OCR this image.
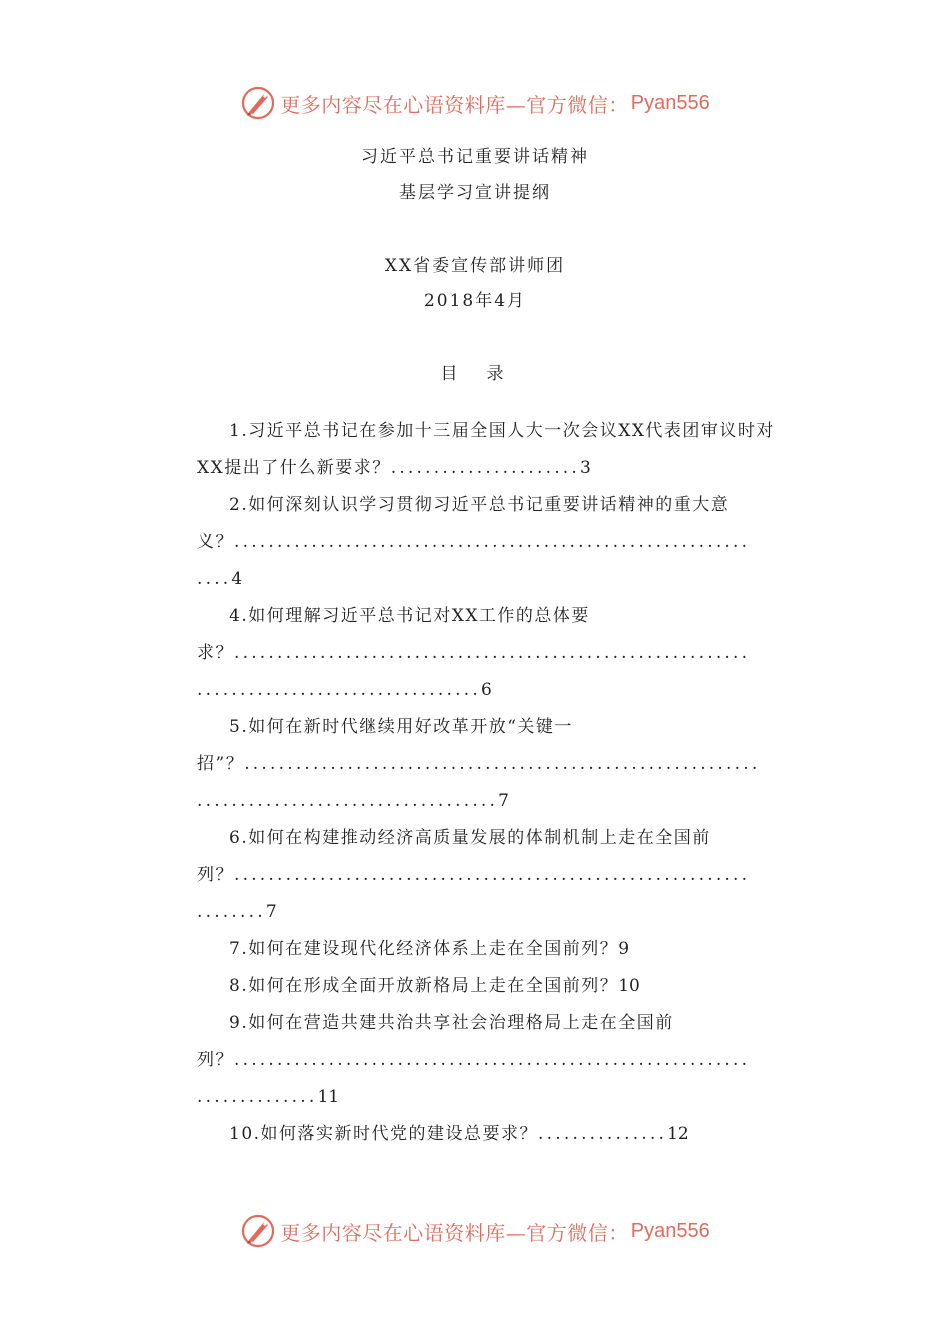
更多内容尽在心语资料库—官方微信： Pyan556
习近平总书记重要讲话精神
基层学习宣讲提纲
XX省委宣传部讲师团
2018年4月
目　录
1.习近平总书记在参加十三届全国人大一次会议XX代表团审议时对
XX提出了什么新要求？......................3
2.如何深刻认识学习贯彻习近平总书记重要讲话精神的重大意
义？............................................................
....4
4.如何理解习近平总书记对XX工作的总体要
求？............................................................
.................................6
5.如何在新时代继续用好改革开放“关键一
招”？............................................................
...................................7
6.如何在构建推动经济高质量发展的体制机制上走在全国前
列？............................................................
........7
7.如何在建设现代化经济体系上走在全国前列？9
8.如何在形成全面开放新格局上走在全国前列？10
9.如何在营造共建共治共享社会治理格局上走在全国前
列？............................................................
..............11
10.如何落实新时代党的建设总要求？...............12
更多内容尽在心语资料库—官方微信： Pyan556
